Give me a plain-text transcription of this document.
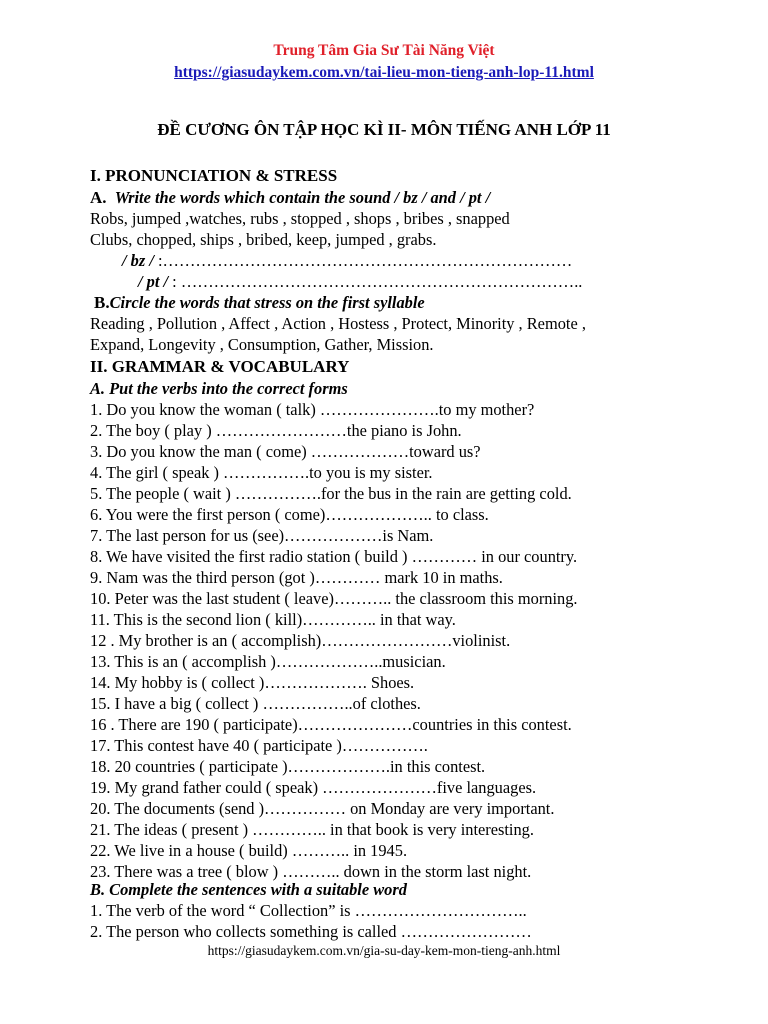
Trung Tâm Gia Sư Tài Năng Việt
https://giasudaykem.com.vn/tai-lieu-mon-tieng-anh-lop-11.html
ĐỀ CƯƠNG ÔN TẬP HỌC KÌ II- MÔN TIẾNG ANH LỚP 11
I. PRONUNCIATION & STRESS
A. Write the words which contain the sound / bz / and / pt /
Robs, jumped ,watches, rubs , stopped , shops , bribes , snapped
Clubs, chopped, ships , bribed, keep, jumped , grabs.
/ bz / :…………………………………………………………………
/ pt / : ………………………………………………………………..
B.Circle the words that stress on the first syllable
Reading , Pollution , Affect , Action , Hostess , Protect, Minority , Remote ,
Expand, Longevity , Consumption, Gather, Mission.
II. GRAMMAR & VOCABULARY
A. Put the verbs into the correct forms
1. Do you know the woman ( talk) ………………….to my mother?
2. The boy ( play ) ……………………the piano is John.
3. Do you know the man ( come) ………………toward us?
4. The girl ( speak ) …………….to you is my sister.
5. The people ( wait ) …………….for the bus in the rain are getting cold.
6. You were the first person ( come)……………….. to class.
7. The last person for us (see)………………is Nam.
8. We have visited the first radio station ( build ) ………… in our country.
9. Nam was the third person (got )………… mark 10 in maths.
10. Peter was the last student ( leave)……….. the classroom this morning.
11. This is the second lion ( kill)………….. in that way.
12 . My brother is an ( accomplish)……………………violinist.
13. This is an ( accomplish )………………..musician.
14. My hobby is ( collect )………………. Shoes.
15. I have a big ( collect ) ……………..of clothes.
16 . There are 190 ( participate)…………………countries in this contest.
17. This contest have 40 ( participate )…………….
18. 20 countries ( participate )……………….in this contest.
19. My grand father could ( speak) …………………five languages.
20. The documents (send )…………… on Monday are very important.
21. The ideas ( present ) ………….. in that book is very interesting.
22. We live in a house ( build) ……….. in 1945.
23. There was a tree ( blow ) ……….. down in the storm last night.
B. Complete the sentences with a suitable word
1. The verb of the word “ Collection” is …………………………..
2. The person who collects something is called ……………………
https://giasudaykem.com.vn/gia-su-day-kem-mon-tieng-anh.html
